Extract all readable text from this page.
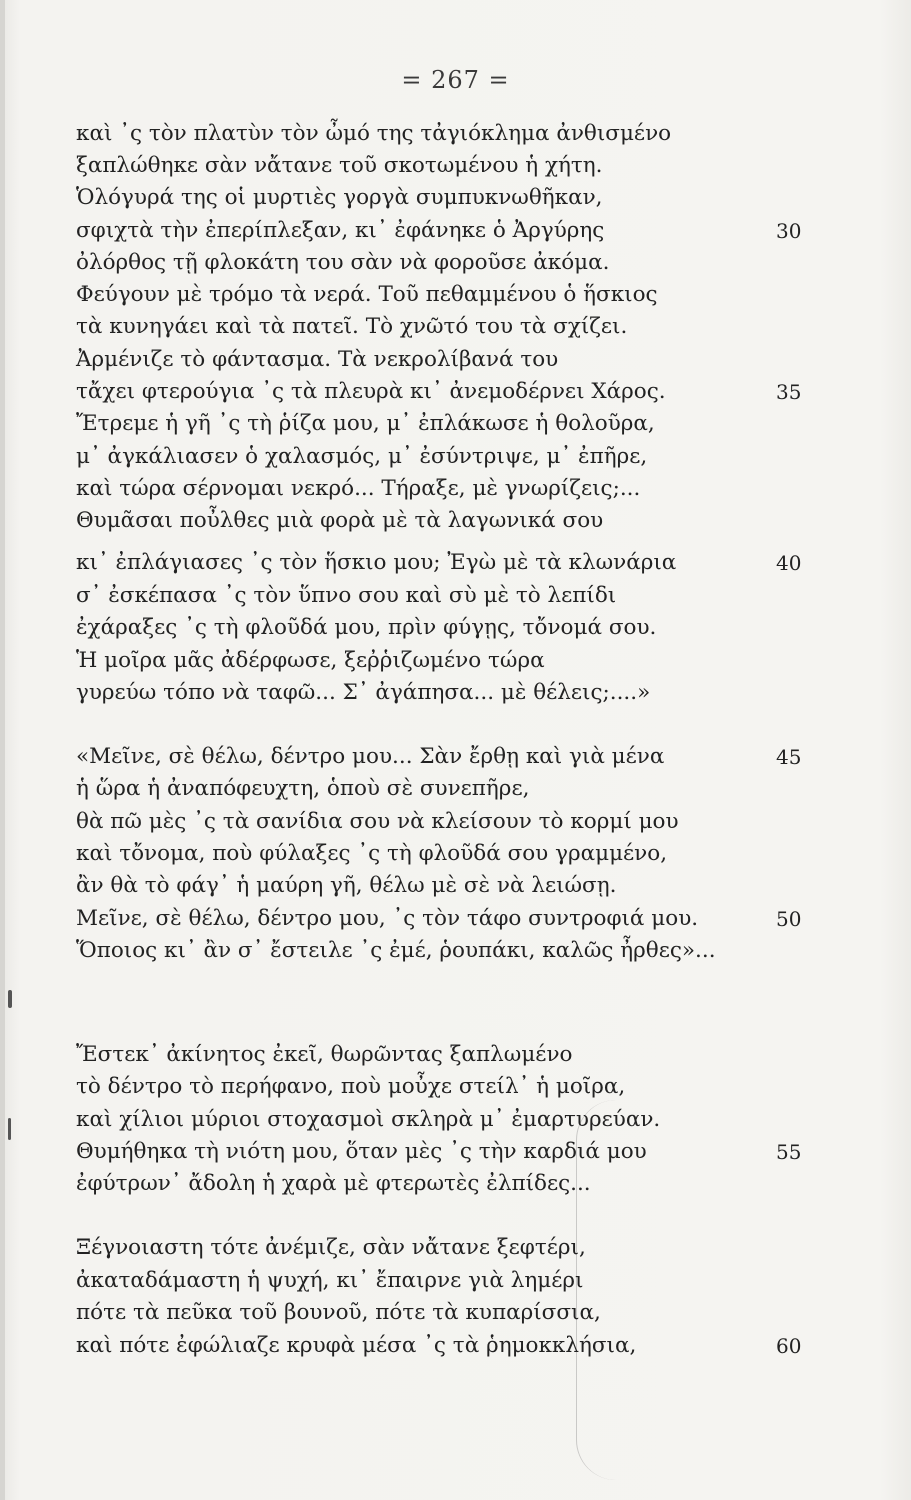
= 267 =
καὶ ᾽ς τὸν πλατὺν τὸν ὦμό της τἀγιόκλημα ἀνθισμένο
ξαπλώθηκε σὰν νἄτανε τοῦ σκοτωμένου ἡ χήτη.
Ὁλόγυρά της οἱ μυρτιὲς γοργὰ συμπυκνωθῆκαν,
σφιχτὰ τὴν ἐπερίπλεξαν, κι᾽ ἐφάνηκε ὁ Ἀργύρης	30
ὀλόρθος τῇ φλοκάτη του σὰν νὰ φοροῦσε ἀκόμα.
Φεύγουν μὲ τρόμο τὰ νερά. Τοῦ πεθαμμένου ὁ ἥσκιος
τὰ κυνηγάει καὶ τὰ πατεῖ. Τὸ χνῶτό του τὰ σχίζει.
Ἀρμένιζε τὸ φάντασμα. Τὰ νεκρολίβανά του
τἄχει φτερούγια ᾽ς τὰ πλευρὰ κι᾽ ἀνεμοδέρνει Χάρος.	35
Ἔτρεμε ἡ γῆ ᾽ς τὴ ῥίζα μου, μ᾽ ἐπλάκωσε ἡ θολοῦρα,
μ᾽ ἀγκάλιασεν ὁ χαλασμός, μ᾽ ἐσύντριψε, μ᾽ ἐπῆρε,
καὶ τώρα σέρνομαι νεκρό... Τήραξε, μὲ γνωρίζεις;...
Θυμᾶσαι ποὖλθες μιὰ φορὰ μὲ τὰ λαγωνικά σου
κι᾽ ἐπλάγιασες ᾽ς τὸν ἥσκιο μου; Ἐγὼ μὲ τὰ κλωνάρια	40
σ᾽ ἐσκέπασα ᾽ς τὸν ὕπνο σου καὶ σὺ μὲ τὸ λεπίδι
ἐχάραξες ᾽ς τὴ φλοῦδά μου, πρὶν φύγῃς, τὄνομά σου.
Ἡ μοῖρα μᾶς ἀδέρφωσε, ξεῤῥιζωμένο τώρα
γυρεύω τόπο νὰ ταφῶ... Σ᾽ ἀγάπησα... μὲ θέλεις;....»
«Μεῖνε, σὲ θέλω, δέντρο μου... Σὰν ἔρθῃ καὶ γιὰ μένα	45
ἡ ὥρα ἡ ἀναπόφευχτη, ὁποὺ σὲ συνεπῆρε,
θὰ πῶ μὲς ᾽ς τὰ σανίδια σου νὰ κλείσουν τὸ κορμί μου
καὶ τὄνομα, ποὺ φύλαξες ᾽ς τὴ φλοῦδά σου γραμμένο,
ἂν θὰ τὸ φάγ᾽ ἡ μαύρη γῆ, θέλω μὲ σὲ νὰ λειώσῃ.
Μεῖνε, σὲ θέλω, δέντρο μου, ᾽ς τὸν τάφο συντροφιά μου.	50
Ὅποιος κι᾽ ἂν σ᾽ ἔστειλε ᾽ς ἐμέ, ῥουπάκι, καλῶς ἦρθες»...
Ἔστεκ᾽ ἀκίνητος ἐκεῖ, θωρῶντας ξαπλωμένο
τὸ δέντρο τὸ περήφανο, ποὺ μοὖχε στείλ᾽ ἡ μοῖρα,
καὶ χίλιοι μύριοι στοχασμοὶ σκληρὰ μ᾽ ἐμαρτυρεύαν.
Θυμήθηκα τὴ νιότη μου, ὅταν μὲς ᾽ς τὴν καρδιά μου	55
ἐφύτρων᾽ ἄδολη ἡ χαρὰ μὲ φτερωτὲς ἐλπίδες...
Ξέγνοιαστη τότε ἀνέμιζε, σὰν νἄτανε ξεφτέρι,
ἀκαταδάμαστη ἡ ψυχή, κι᾽ ἔπαιρνε γιὰ λημέρι
πότε τὰ πεῦκα τοῦ βουνοῦ, πότε τὰ κυπαρίσσια,
καὶ πότε ἐφώλιαζε κρυφὰ μέσα ᾽ς τὰ ῥημοκκλήσια,	60
